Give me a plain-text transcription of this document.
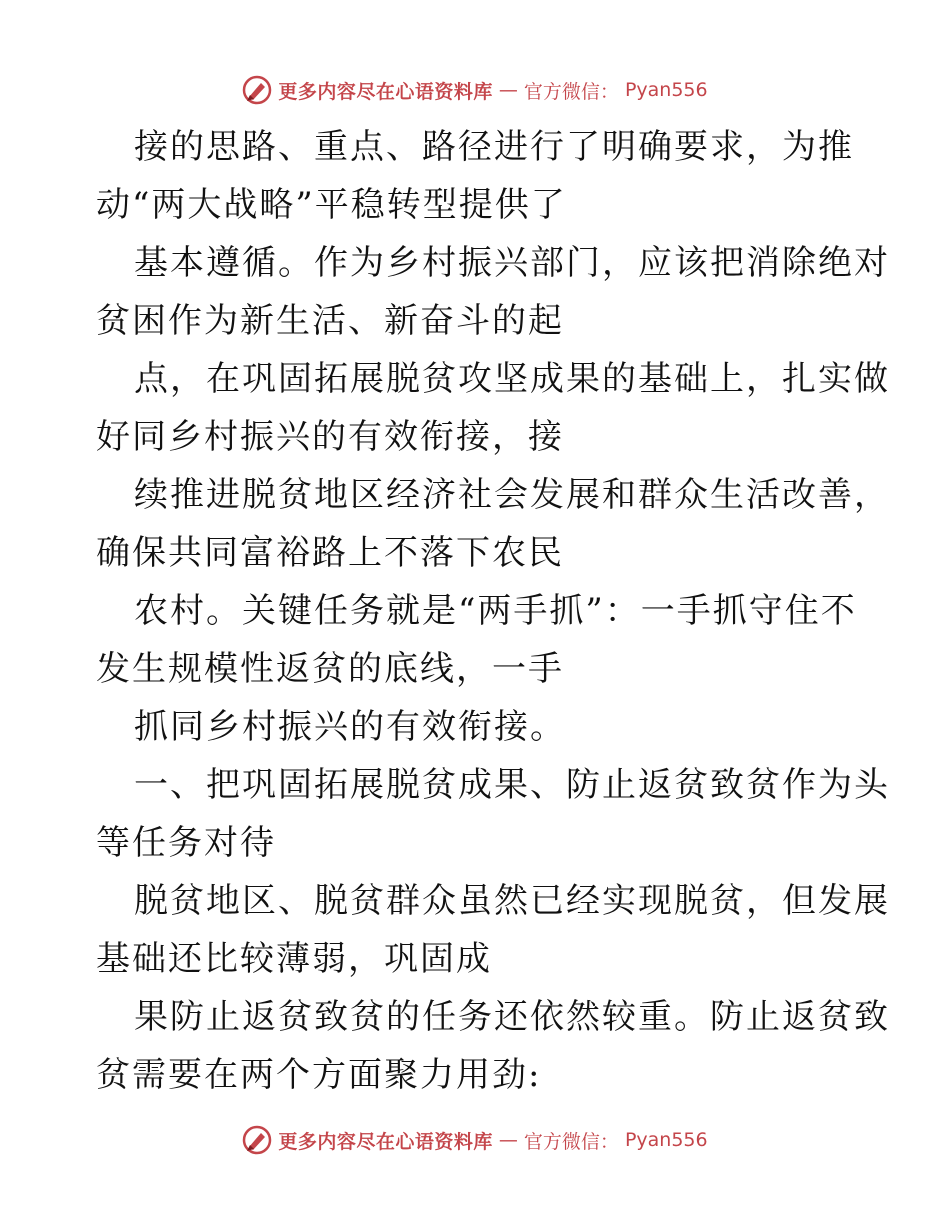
更多内容尽在心语资料库 — 官方微信： Pyan556
接的思路、重点、路径进行了明确要求，为推
动“两大战略”平稳转型提供了
基本遵循。作为乡村振兴部门，应该把消除绝对
贫困作为新生活、新奋斗的起
点，在巩固拓展脱贫攻坚成果的基础上，扎实做
好同乡村振兴的有效衔接，接
续推进脱贫地区经济社会发展和群众生活改善，
确保共同富裕路上不落下农民
农村。关键任务就是“两手抓”：一手抓守住不
发生规模性返贫的底线，一手
抓同乡村振兴的有效衔接。
一、把巩固拓展脱贫成果、防止返贫致贫作为头
等任务对待
脱贫地区、脱贫群众虽然已经实现脱贫，但发展
基础还比较薄弱，巩固成
果防止返贫致贫的任务还依然较重。防止返贫致
贫需要在两个方面聚力用劲:
更多内容尽在心语资料库 — 官方微信： Pyan556
